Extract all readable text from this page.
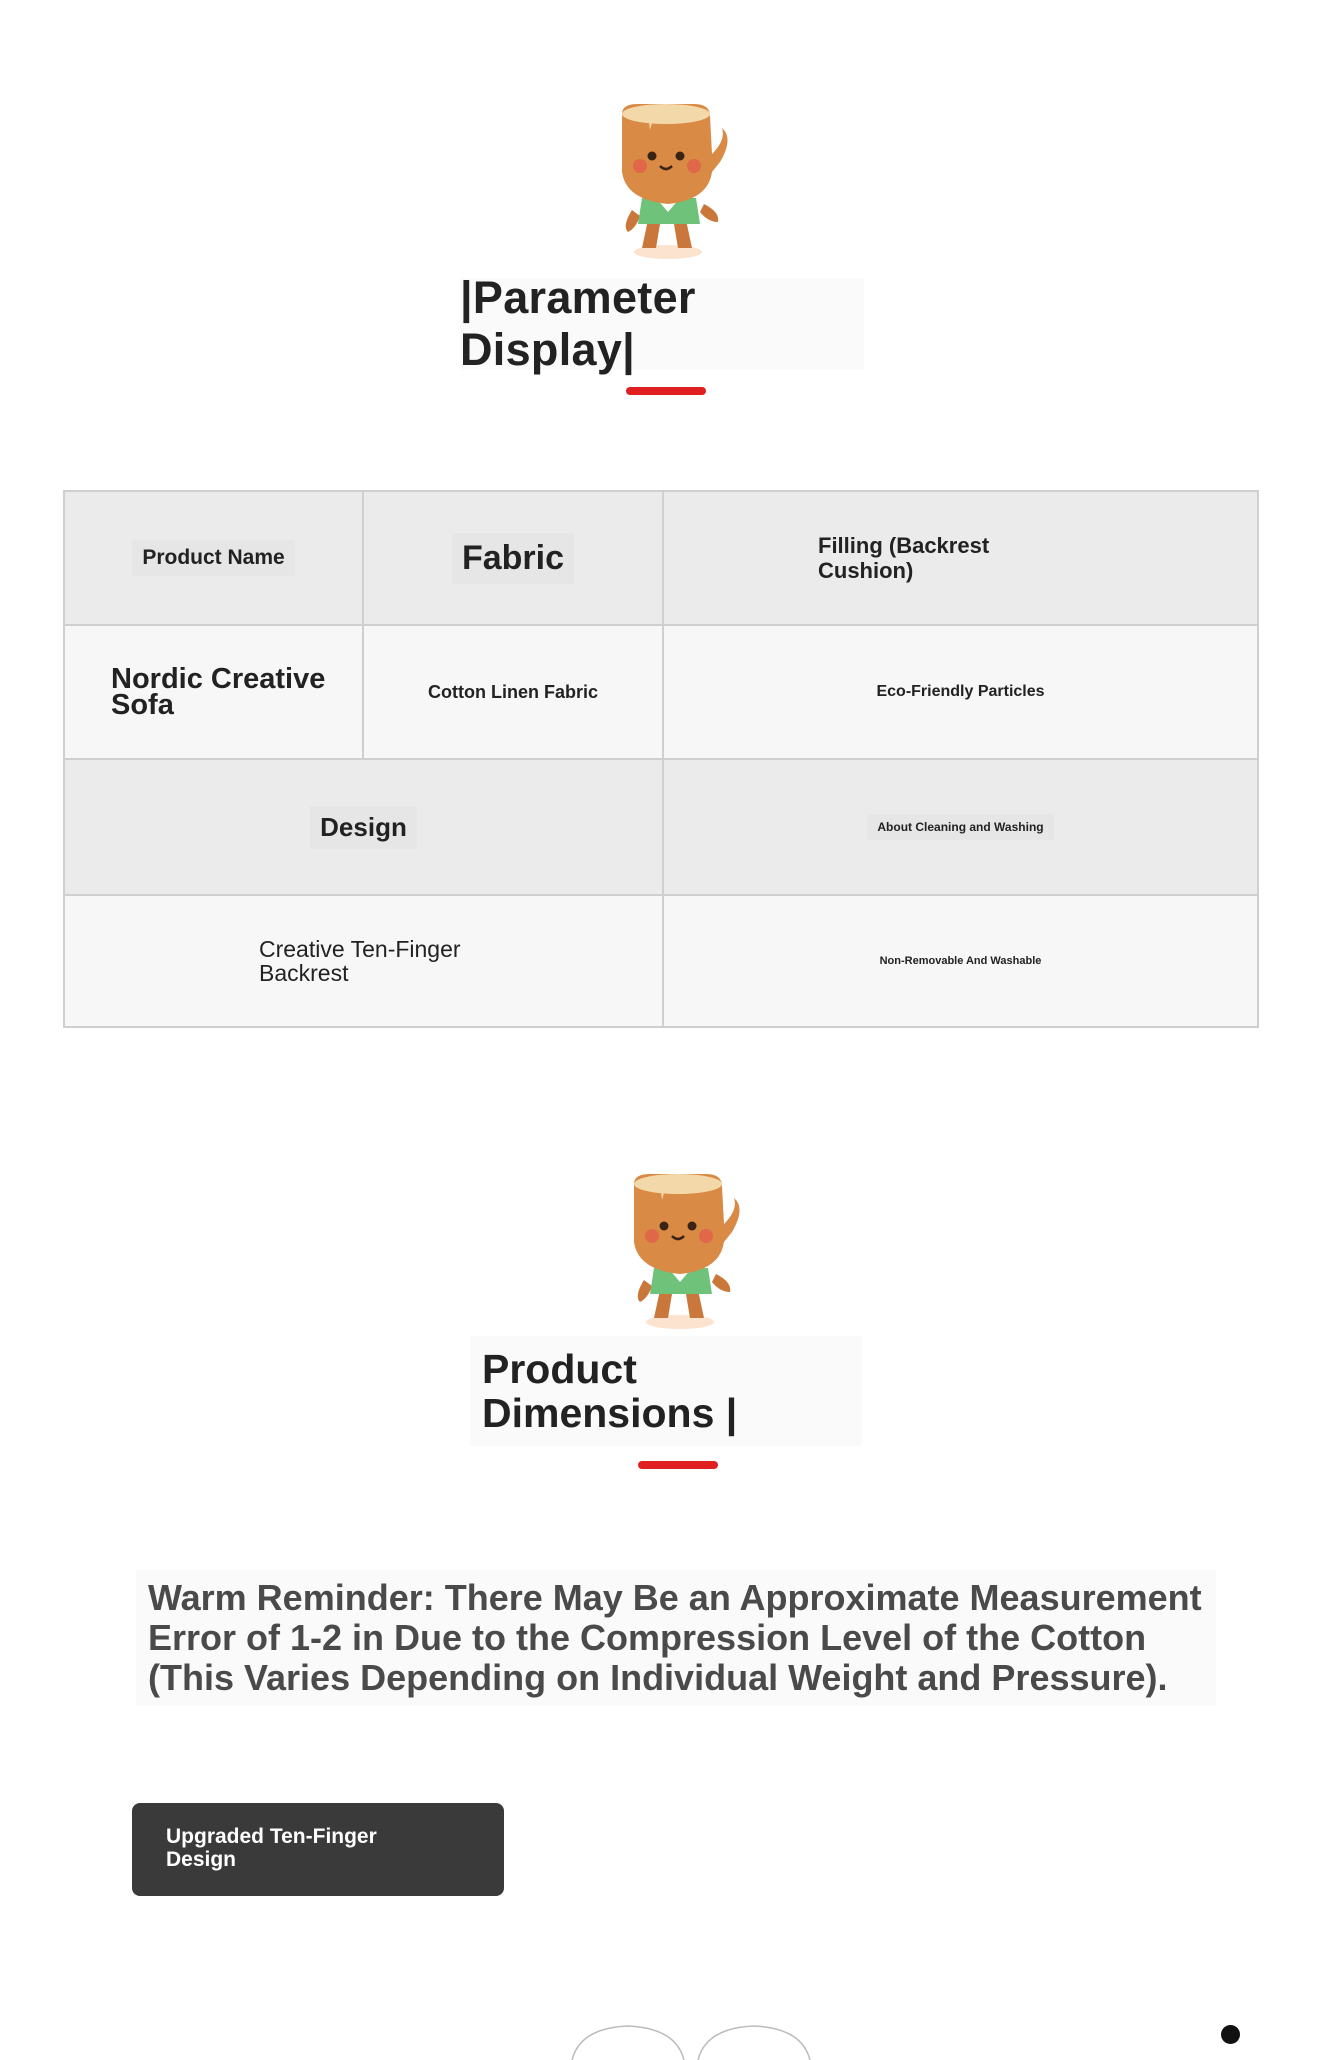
|Parameter Display|
Product Name	Fabric	Filling (Backrest Cushion)
Nordic Creative Sofa	Cotton Linen Fabric	Eco-Friendly Particles
Design	About Cleaning and Washing
Creative Ten-Finger Backrest	Non-Removable And Washable
Product Dimensions |
Warm Reminder: There May Be an Approximate Measurement Error of 1-2 in Due to the Compression Level of the Cotton (This Varies Depending on Individual Weight and Pressure).
Upgraded Ten-Finger Design
